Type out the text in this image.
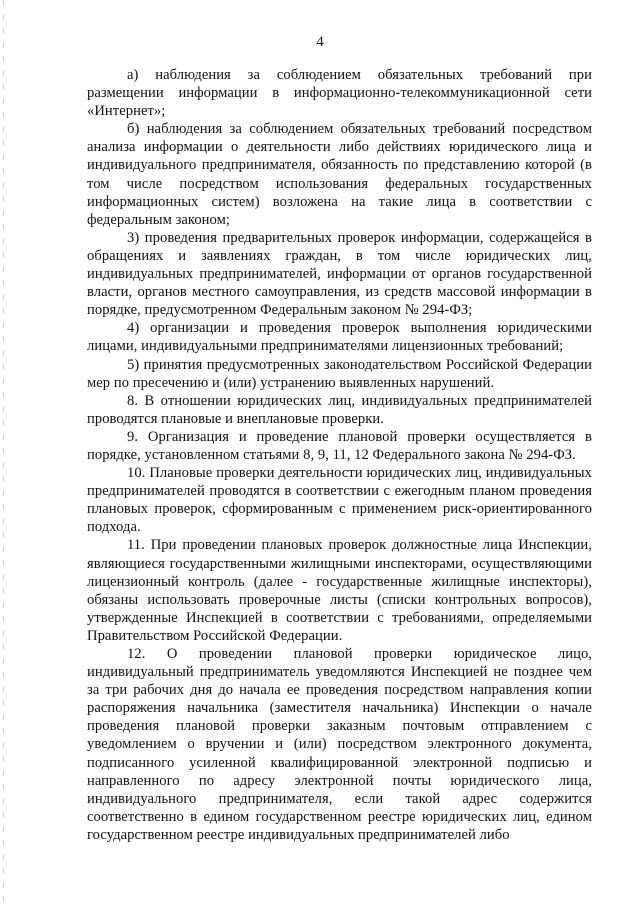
4

а) наблюдения за соблюдением обязательных требований при размещении информации в информационно-телекоммуникационной сети «Интернет»;

б) наблюдения за соблюдением обязательных требований посредством анализа информации о деятельности либо действиях юридического лица и индивидуального предпринимателя, обязанность по представлению которой (в том числе посредством использования федеральных государственных информационных систем) возложена на такие лица в соответствии с федеральным законом;

3) проведения предварительных проверок информации, содержащейся в обращениях и заявлениях граждан, в том числе юридических лиц, индивидуальных предпринимателей, информации от органов государственной власти, органов местного самоуправления, из средств массовой информации в порядке, предусмотренном Федеральным законом № 294-ФЗ;

4) организации и проведения проверок выполнения юридическими лицами, индивидуальными предпринимателями лицензионных требований;

5) принятия предусмотренных законодательством Российской Федерации мер по пресечению и (или) устранению выявленных нарушений.

8. В отношении юридических лиц, индивидуальных предпринимателей проводятся плановые и внеплановые проверки.

9. Организация и проведение плановой проверки осуществляется в порядке, установленном статьями 8, 9, 11, 12 Федерального закона № 294-ФЗ.

10. Плановые проверки деятельности юридических лиц, индивидуальных предпринимателей проводятся в соответствии с ежегодным планом проведения плановых проверок, сформированным с применением риск-ориентированного подхода.

11. При проведении плановых проверок должностные лица Инспекции, являющиеся государственными жилищными инспекторами, осуществляющими лицензионный контроль (далее - государственные жилищные инспекторы), обязаны использовать проверочные листы (списки контрольных вопросов), утвержденные Инспекцией в соответствии с требованиями, определяемыми Правительством Российской Федерации.

12. О проведении плановой проверки юридическое лицо, индивидуальный предприниматель уведомляются Инспекцией не позднее чем за три рабочих дня до начала ее проведения посредством направления копии распоряжения начальника (заместителя начальника) Инспекции о начале проведения плановой проверки заказным почтовым отправлением с уведомлением о вручении и (или) посредством электронного документа, подписанного усиленной квалифицированной электронной подписью и направленного по адресу электронной почты юридического лица, индивидуального предпринимателя, если такой адрес содержится соответственно в едином государственном реестре юридических лиц, едином государственном реестре индивидуальных предпринимателей либо
